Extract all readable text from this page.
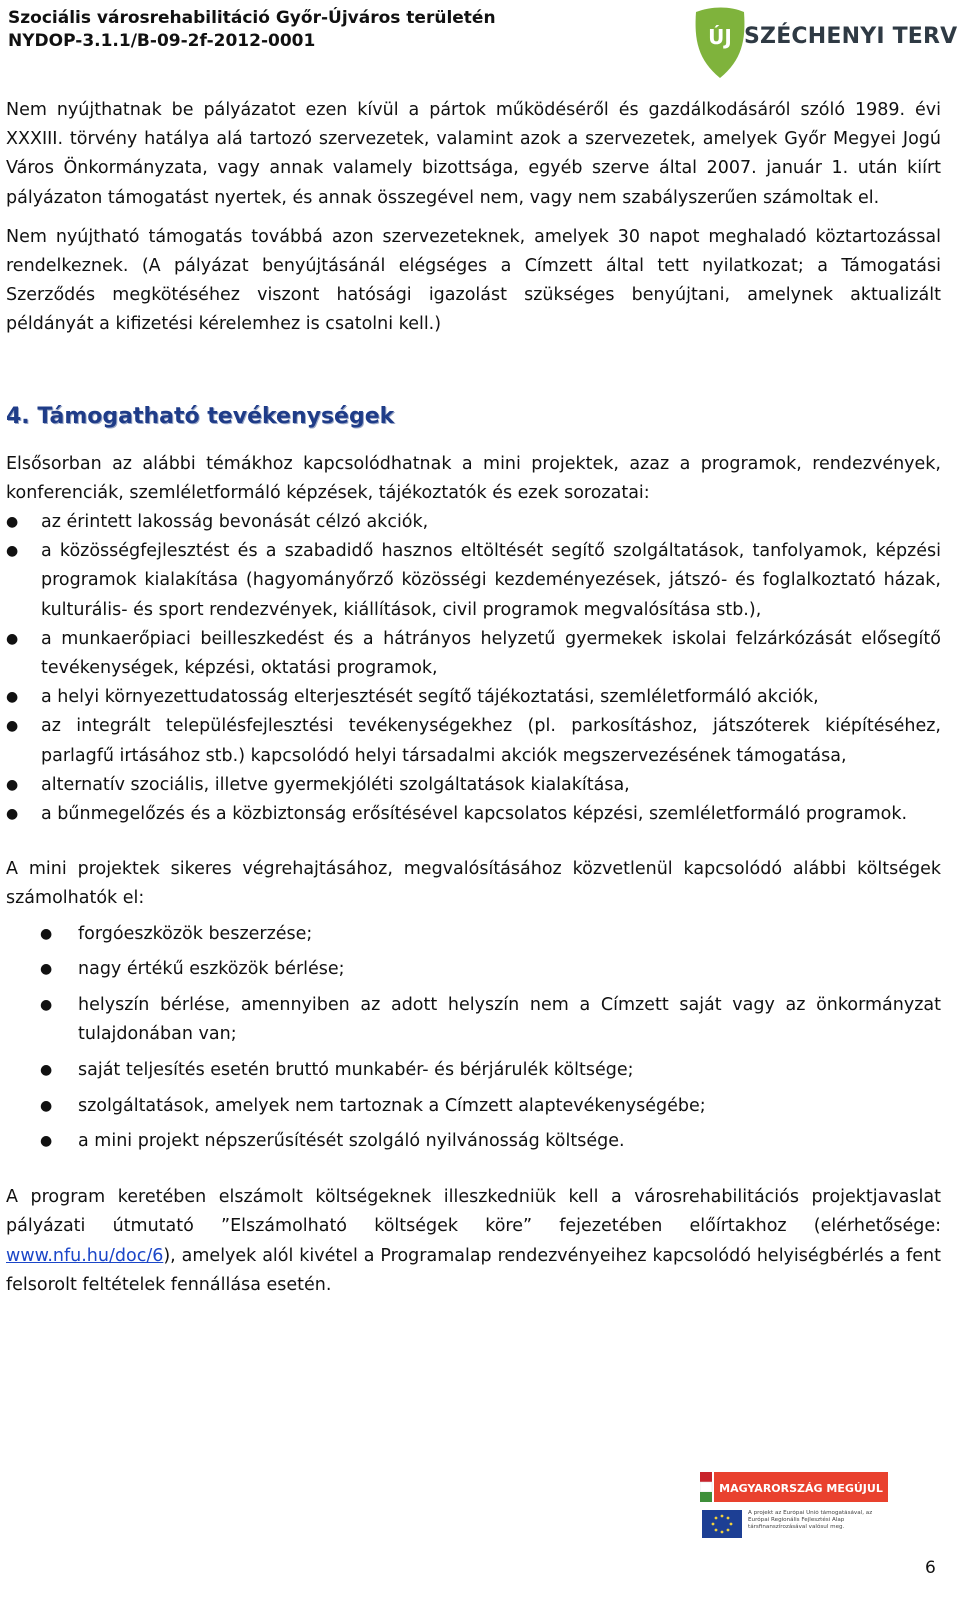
Szociális városrehabilitáció Győr-Újváros területén
NYDOP-3.1.1/B-09-2f-2012-0001	ÚJ SZÉCHENYI TERV

Nem nyújthatnak be pályázatot ezen kívül a pártok működéséről és gazdálkodásáról szóló 1989. évi XXXIII. törvény hatálya alá tartozó szervezetek, valamint azok a szervezetek, amelyek Győr Megyei Jogú Város Önkormányzata, vagy annak valamely bizottsága, egyéb szerve által 2007. január 1. után kiírt pályázaton támogatást nyertek, és annak összegével nem, vagy nem szabályszerűen számoltak el.

Nem nyújtható támogatás továbbá azon szervezeteknek, amelyek 30 napot meghaladó köztartozással rendelkeznek. (A pályázat benyújtásánál elégséges a Címzett által tett nyilatkozat; a Támogatási Szerződés megkötéséhez viszont hatósági igazolást szükséges benyújtani, amelynek aktualizált példányát a kifizetési kérelemhez is csatolni kell.)

4. Támogatható tevékenységek

Elsősorban az alábbi témákhoz kapcsolódhatnak a mini projektek, azaz a programok, rendezvények, konferenciák, szemléletformáló képzések, tájékoztatók és ezek sorozatai:

● az érintett lakosság bevonását célzó akciók,
● a közösségfejlesztést és a szabadidő hasznos eltöltését segítő szolgáltatások, tanfolyamok, képzési programok kialakítása (hagyományőrző közösségi kezdeményezések, játszó- és foglalkoztató házak, kulturális- és sport rendezvények, kiállítások, civil programok megvalósítása stb.),
● a munkaerőpiaci beilleszkedést és a hátrányos helyzetű gyermekek iskolai felzárkózását elősegítő tevékenységek, képzési, oktatási programok,
● a helyi környezettudatosság elterjesztését segítő tájékoztatási, szemléletformáló akciók,
● az integrált településfejlesztési tevékenységekhez (pl. parkosításhoz, játszóterek kiépítéséhez, parlagfű irtásához stb.) kapcsolódó helyi társadalmi akciók megszervezésének támogatása,
● alternatív szociális, illetve gyermekjóléti szolgáltatások kialakítása,
● a bűnmegelőzés és a közbiztonság erősítésével kapcsolatos képzési, szemléletformáló programok.

A mini projektek sikeres végrehajtásához, megvalósításához közvetlenül kapcsolódó alábbi költségek számolhatók el:

● forgóeszközök beszerzése;
● nagy értékű eszközök bérlése;
● helyszín bérlése, amennyiben az adott helyszín nem a Címzett saját vagy az önkormányzat tulajdonában van;
● saját teljesítés esetén bruttó munkabér- és bérjárulék költsége;
● szolgáltatások, amelyek nem tartoznak a Címzett alaptevékenységébe;
● a mini projekt népszerűsítését szolgáló nyilvánosság költsége.

A program keretében elszámolt költségeknek illeszkedniük kell a városrehabilitációs projektjavaslat pályázati útmutató ”Elszámolható költségek köre” fejezetében előírtakhoz (elérhetősége: www.nfu.hu/doc/6), amelyek alól kivétel a Programalap rendezvényeihez kapcsolódó helyiségbérlés a fent felsorolt feltételek fennállása esetén.

MAGYARORSZÁG MEGÚJUL
A projekt az Európai Unió támogatásával, az Európai Regionális Fejlesztési Alap társfinanszírozásával valósul meg.
6
